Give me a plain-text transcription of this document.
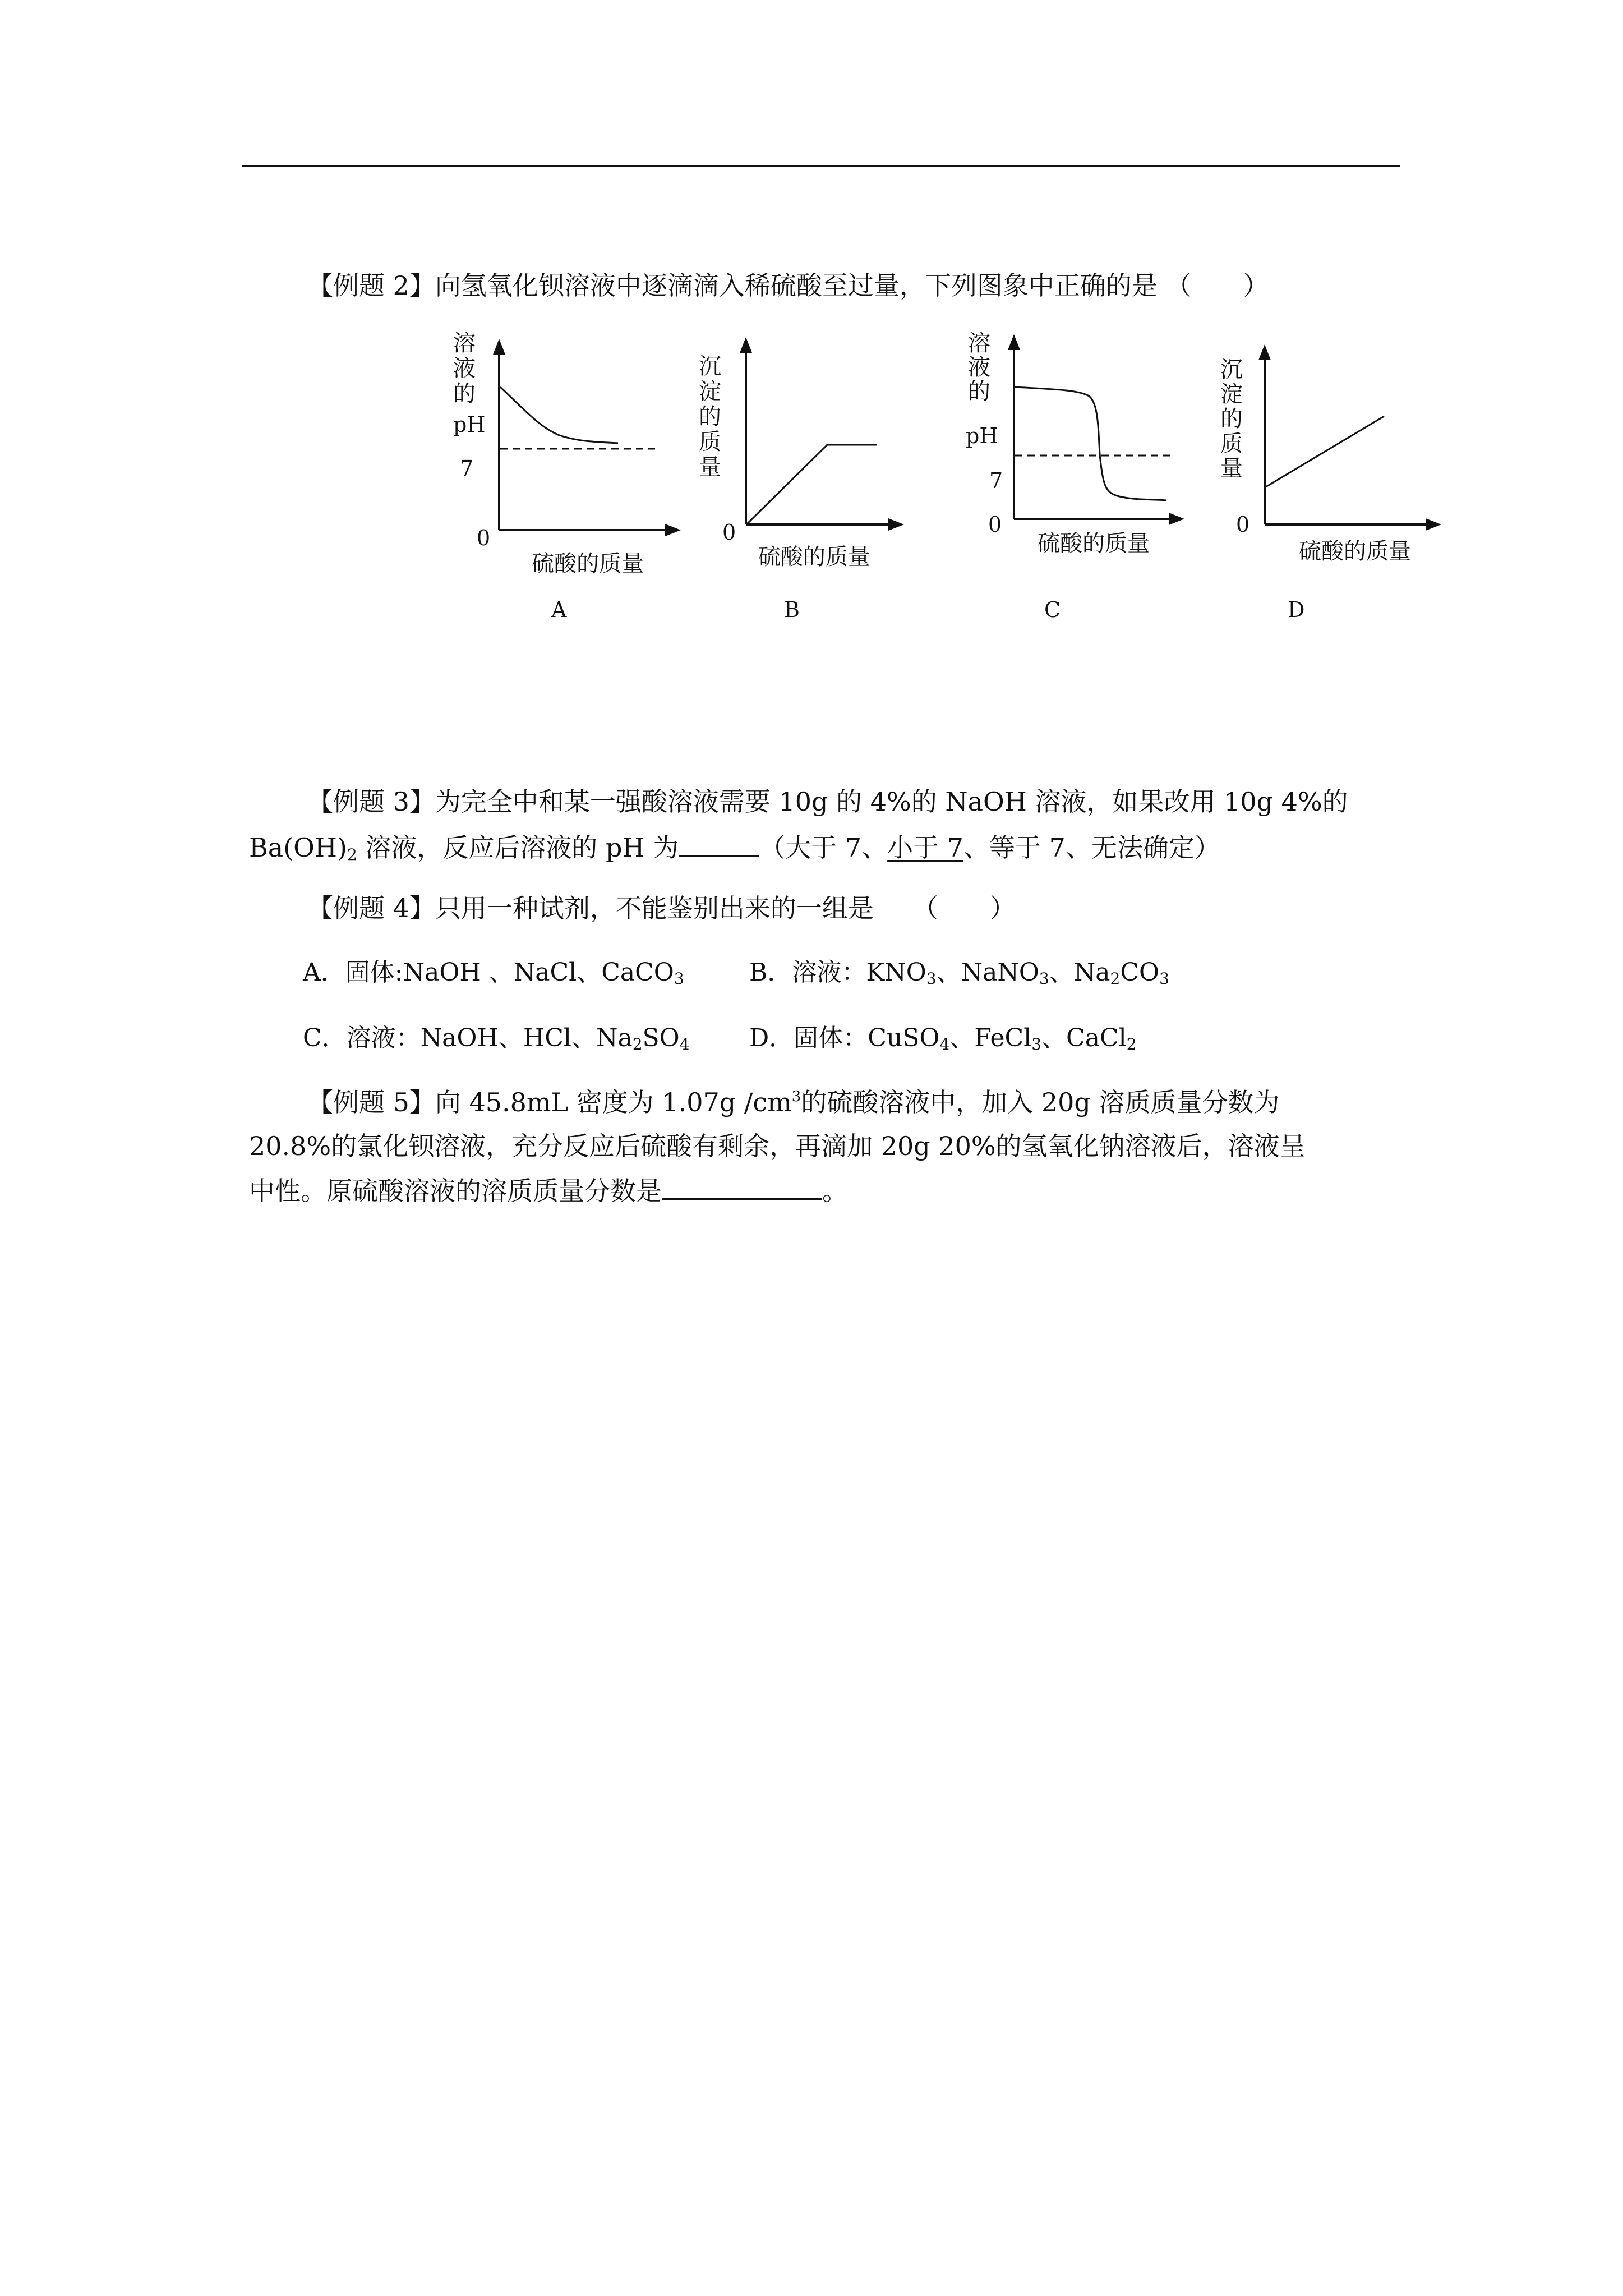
【例题 2】向氢氧化钡溶液中逐滴滴入稀硫酸至过量，下列图象中正确的是 （　　）
溶
液
的
pH
7
0
硫酸的质量
A
沉
淀
的
质
量
0
硫酸的质量
B
溶
液
的
pH
7
0
硫酸的质量
C
沉
淀
的
质
量
0
硫酸的质量
D
【例题 3】为完全中和某一强酸溶液需要 10g 的 4%的 NaOH 溶液，如果改用 10g 4%的
$Ba(OH)_2$ 溶液，反应后溶液的 pH 为	（大于 7、小于 7、等于 7、无法确定）
【例题 4】只用一种试剂，不能鉴别出来的一组是　　（　　）
A．固体:NaOH 、NaCl、CaCO$_3$	B．溶液：$KNO_3$、NaNO$_3$、$Na_2CO_3$
C．溶液：NaOH、HCl、$Na_2SO_4$ D．固体：CuSO$_4$、FeCl$_3$、CaCl$_2$
【例题 5】向 45.8mL 密度为 1.07g $/cm^3$的硫酸溶液中，加入 20g 溶质质量分数为
20.8%的氯化钡溶液，充分反应后硫酸有剩余，再滴加 20g 20%的氢氧化钠溶液后，溶液呈
中性。原硫酸溶液的溶质质量分数是	。
